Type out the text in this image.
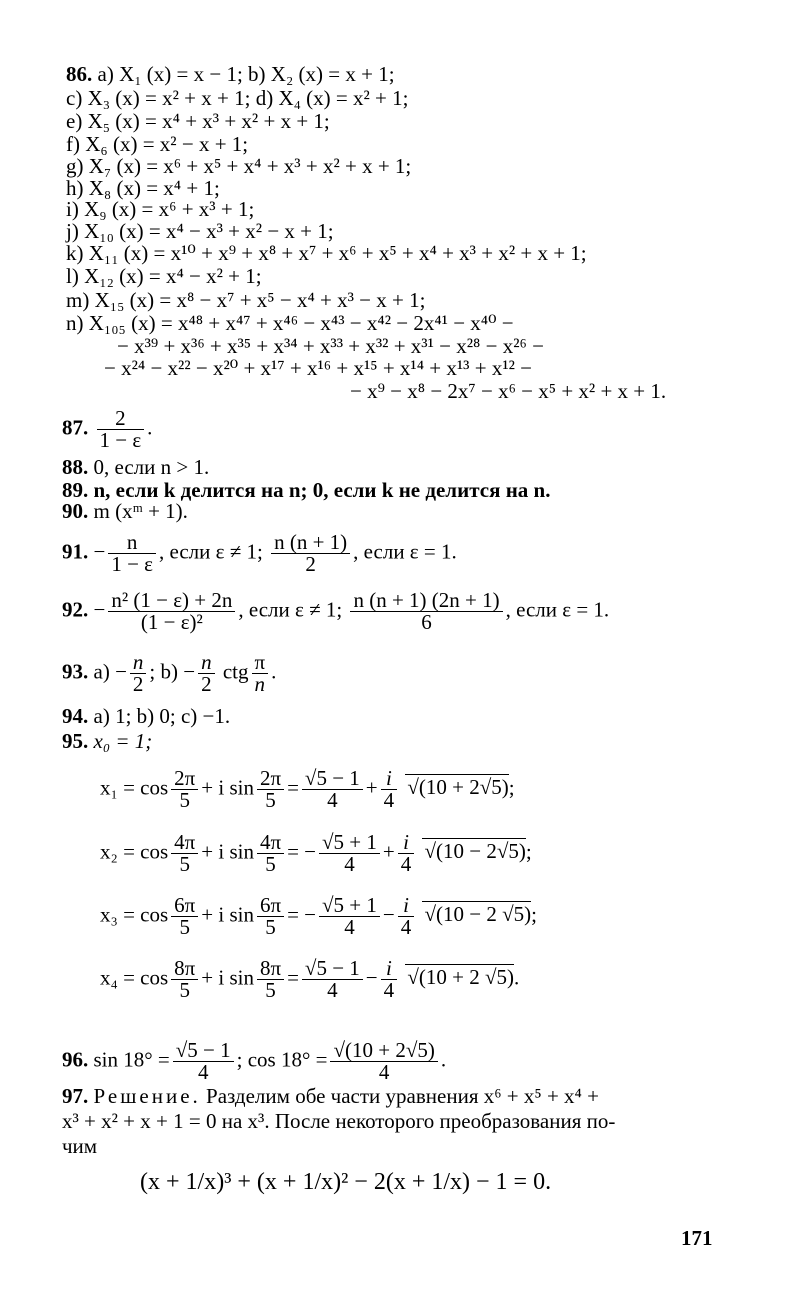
86. a) X₁ (x) = x − 1; b) X₂ (x) = x + 1;
c) X₃ (x) = x² + x + 1; d) X₄ (x) = x² + 1;
e) X₅ (x) = x⁴ + x³ + x² + x + 1;
f) X₆ (x) = x² − x + 1;
g) X₇ (x) = x⁶ + x⁵ + x⁴ + x³ + x² + x + 1;
h) X₈ (x) = x⁴ + 1;
i) X₉ (x) = x⁶ + x³ + 1;
j) X₁₀ (x) = x⁴ − x³ + x² − x + 1;
k) X₁₁ (x) = x¹⁰ + x⁹ + x⁸ + x⁷ + x⁶ + x⁵ + x⁴ + x³ + x² + x + 1;
l) X₁₂ (x) = x⁴ − x² + 1;
m) X₁₅ (x) = x⁸ − x⁷ + x⁵ − x⁴ + x³ − x + 1;
n) X₁₀₅ (x) = x⁴⁸ + x⁴⁷ + x⁴⁶ − x⁴³ − x⁴² − 2x⁴¹ − x⁴⁰ −
− x³⁹ + x³⁶ + x³⁵ + x³⁴ + x³³ + x³² + x³¹ − x²⁸ − x²⁶ −
− x²⁴ − x²² − x²⁰ + x¹⁷ + x¹⁶ + x¹⁵ + x¹⁴ + x¹³ + x¹² −
− x⁹ − x⁸ − 2x⁷ − x⁶ − x⁵ + x² + x + 1.
87. $\frac{2}{1 - \varepsilon}$ .
88. 0, если n > 1.
89. n, если k делится на n; 0, если k не делится на n.
90. m (xᵐ + 1).
91. − $\frac{n}{1 - \varepsilon}$ , если ε ≠ 1; $\frac{n (n + 1)}{2}$ , если ε = 1.
92. − $\frac{\text{n² (1 − ε) + 2n}}{\text{(1 − ε)²}}$ , если ε ≠ 1; $\frac{n (n + 1) (2n + 1)}{6}$ , если ε = 1.
93. $a) - \frac{n}{2}$ ; $b) - \frac{n}{2}$ ctg $\frac{\pi}{n}$ .
94. a) 1; b) 0; c) −1.
95. x₀ = 1;
$x_1 = \cos \frac{2\pi}{5} + i$ $\sin \frac{2\pi}{5} = \frac{√5 - 1}{4} + \frac{i}{4} √(10 + 2√5)$;
$x_2 = \cos \frac{4\pi}{5} + i$ $\sin \frac{4\pi}{5}$ = − $\frac{√5 + 1}{4} + \frac{i}{4} √(10 - 2√5)$;
$x_3 = \cos \frac{6\pi}{5} + i$ $\sin \frac{6\pi}{5}$ = − $\frac{√5 + 1}{4} - \frac{i}{4} √(10 - 2$ √5);
$x_4 = \cos \frac{8\pi}{5} + i$ $\sin \frac{8\pi}{5} = \frac{√5 - 1}{4} - \frac{i}{4} √(10 + 2$ √5).
96. $\sin 18^\circ = \frac{√5 - 1}{4}$ ; $\cos 18^\circ = \frac{√(10 + 2√5)}{4}$ .
97. Решение. Разделим обе части уравнения x⁶ + x⁵ + x⁴ +
x³ + x² + x + 1 = 0 на x³. После некоторого преобразования по-
чим
(x + 1/x)³ + (x + 1/x)² − 2(x + 1/x) − 1 = 0.
171
